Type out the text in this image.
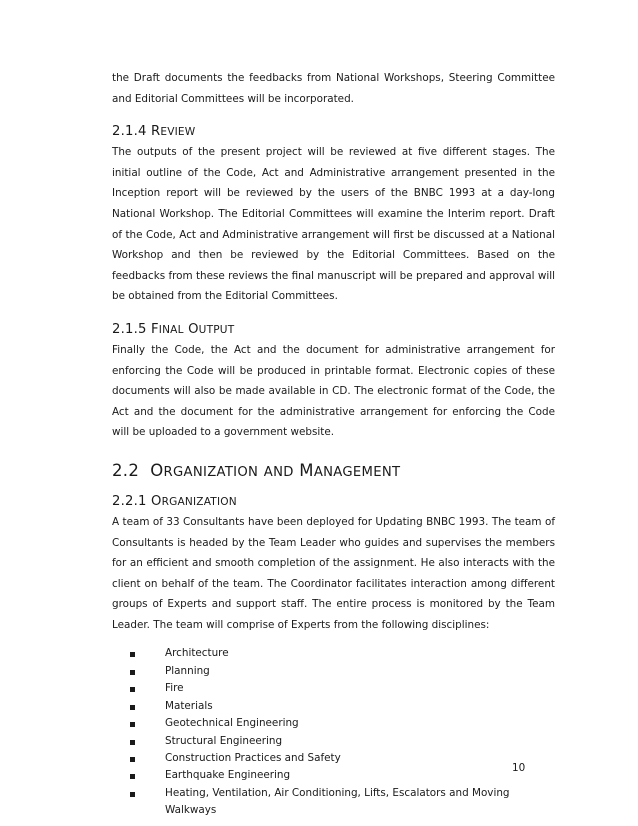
the Draft documents the feedbacks from National Workshops, Steering Committee and Editorial Committees will be incorporated.

2.1.4 REVIEW

The outputs of the present project will be reviewed at five different stages. The initial outline of the Code, Act and Administrative arrangement presented in the Inception report will be reviewed by the users of the BNBC 1993 at a day-long National Workshop. The Editorial Committees will examine the Interim report. Draft of the Code, Act and Administrative arrangement will first be discussed at a National Workshop and then be reviewed by the Editorial Committees. Based on the feedbacks from these reviews the final manuscript will be prepared and approval will be obtained from the Editorial Committees.

2.1.5 FINAL OUTPUT

Finally the Code, the Act and the document for administrative arrangement for enforcing the Code will be produced in printable format. Electronic copies of these documents will also be made available in CD. The electronic format of the Code, the Act and the document for the administrative arrangement for enforcing the Code will be uploaded to a government website.

2.2 ORGANIZATION AND MANAGEMENT
2.2.1 ORGANIZATION

A team of 33 Consultants have been deployed for Updating BNBC 1993. The team of Consultants is headed by the Team Leader who guides and supervises the members for an efficient and smooth completion of the assignment. He also interacts with the client on behalf of the team. The Coordinator facilitates interaction among different groups of Experts and support staff. The entire process is monitored by the Team Leader. The team will comprise of Experts from the following disciplines:

Architecture
Planning
Fire
Materials
Geotechnical Engineering
Structural Engineering
Construction Practices and Safety
Earthquake Engineering
Heating, Ventilation, Air Conditioning, Lifts, Escalators and Moving Walkways
10
